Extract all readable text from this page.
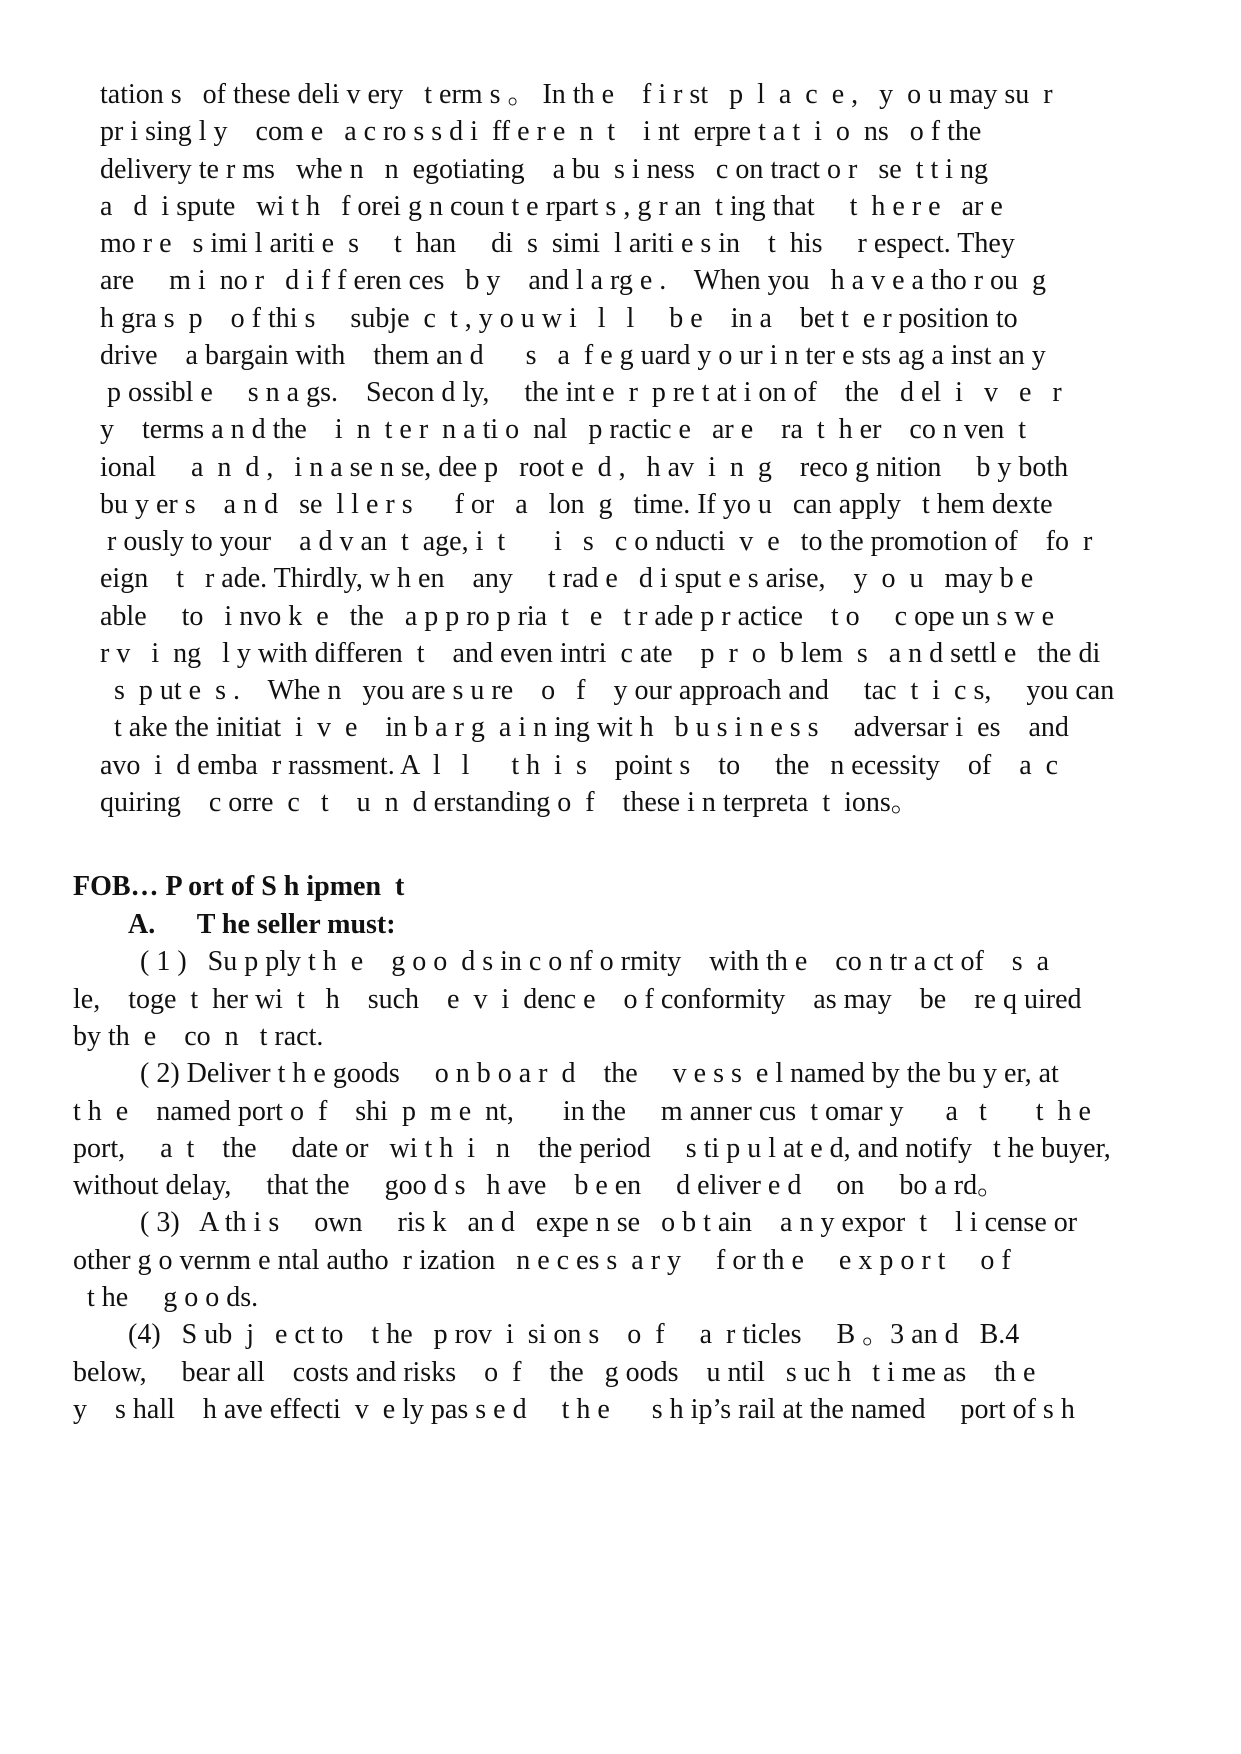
tation s   of these deli v ery   t erm s 。 In th e    f i r st   p  l  a  c  e ,   y  o u may su  r
pr i sing l y    com e   a c ro s s d i  ff e r e  n  t    i nt  erpre t a t  i  o  ns   o f the
delivery te r ms   whe n   n  egotiating    a bu  s i ness   c on tract o r   se  t t i ng
a   d  i spute   wi t h   f orei g n coun t e rpart s , g r an  t ing that     t  h e r e   ar e
mo r e   s imi l ariti e  s     t  han     di  s  simi  l ariti e s in    t  his     r espect. They
are     m i  no r   d i f f eren ces   b y    and l a rg e .    When you   h a v e a tho r ou  g
h gra s  p    o f thi s     subje  c  t , y o u w i   l   l     b e    in a    bet t  e r position to
drive    a bargain with    them an d      s   a  f e g uard y o ur i n ter e sts ag a inst an y
p ossibl e     s n a gs.    Secon d ly,     the int e  r  p re t at i on of    the   d el  i   v   e   r
y    terms a n d the    i  n  t e r  n a ti o  nal   p ractic e   ar e    ra  t  h er    co n ven  t
ional     a  n  d ,   i n a se n se, dee p   root e  d ,   h av  i  n  g    reco g nition     b y both
bu y er s    a n d   se  l l e r s      f or   a   lon  g   time. If yo u   can apply   t hem dexte
r ously to your    a d v an  t  age, i  t       i   s   c o nducti  v  e   to the promotion of    fo  r
eign    t   r ade. Thirdly, w h en    any     t rad e   d i sput e s arise,    y  o  u   may b e
able     to   i nvo k  e   the   a p p ro p ria  t   e   t r ade p r actice    t o     c ope un s w e
r v   i  ng   l y with differen  t    and even intri  c ate    p  r  o  b lem  s   a n d settl e   the di
s  p ut e  s .    Whe n   you are s u re    o   f    y our approach and     tac  t  i  c s,     you can
t ake the initiat  i  v  e    in b a r g  a i n ing wit h   b u s i n e s s     adversar i  es    and
avo  i  d emba  r rassment. A  l   l      t h  i  s    point s    to     the   n ecessity    of    a  c
quiring    c orre  c   t    u  n  d erstanding o  f    these i n terpreta  t  ions。
FOB… P ort of S h ipmen  t
A.      T he seller must:
( 1 )   Su p ply t h  e    g o o  d s in c o nf o rmity    with th e    co n tr a ct of    s  a
le,    toge  t  her wi  t   h    such    e  v  i  denc e    o f conformity    as may    be    re q uired
by th  e    co  n   t ract.
( 2) Deliver t h e goods     o n b o a r  d    the     v e s s  e l named by the bu y er, at
t h  e    named port o  f    shi  p  m e  nt,       in the     m anner cus  t omar y      a   t       t  h e
port,     a  t    the     date or   wi t h  i   n    the period     s ti p u l at e d, and notify   t he buyer,
without delay,     that the     goo d s   h ave    b e en     d eliver e d     on     bo a rd。
( 3)   A th i s     own     ris k   an d   expe n se   o b t ain    a n y expor  t    l i cense or
other g o vernm e ntal autho  r ization   n e c es s  a r y     f or th e     e x p o r t     o f
t he     g o o ds.
(4)   S ub  j   e ct to    t he   p rov  i  si on s    o  f     a  r ticles     B 。3 an d   B.4
below,     bear all    costs and risks    o  f    the   g oods    u ntil   s uc h   t i me as    th e
y    s hall    h ave effecti  v  e ly pas s e d     t h e      s h ip’s rail at the named     port of s h
